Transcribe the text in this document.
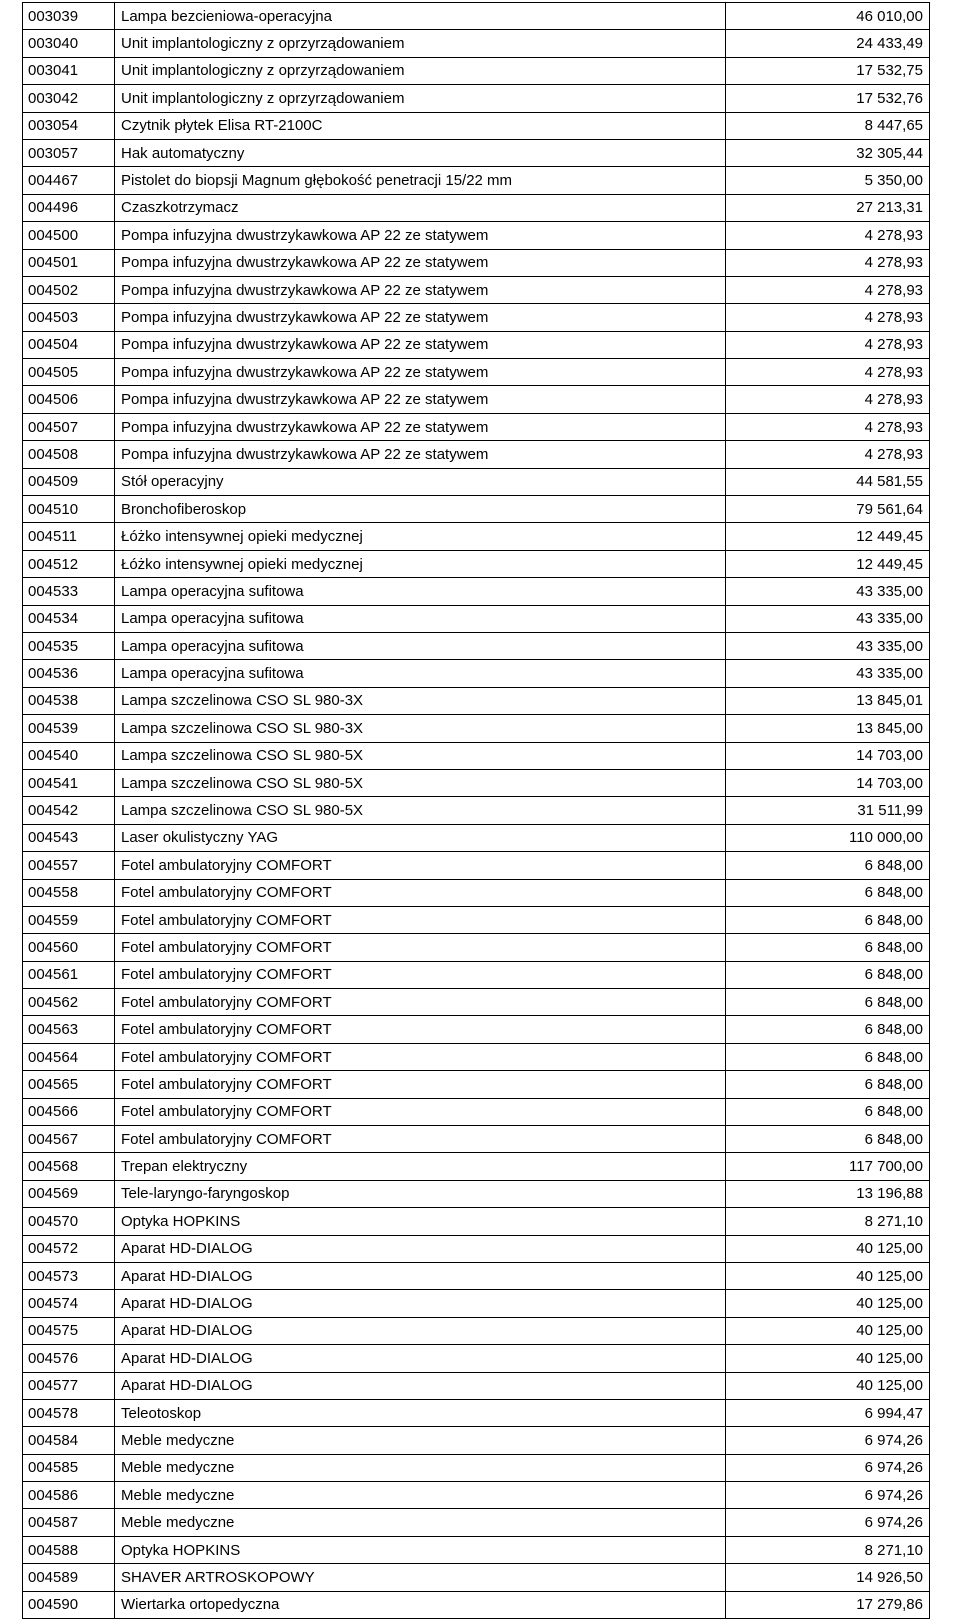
003039	Lampa bezcieniowa-operacyjna	46 010,00
003040	Unit implantologiczny z oprzyrządowaniem	24 433,49
003041	Unit implantologiczny z oprzyrządowaniem	17 532,75
003042	Unit implantologiczny z oprzyrządowaniem	17 532,76
003054	Czytnik płytek Elisa RT-2100C	8 447,65
003057	Hak automatyczny	32 305,44
004467	Pistolet do biopsji Magnum głębokość penetracji 15/22 mm	5 350,00
004496	Czaszkotrzymacz	27 213,31
004500	Pompa infuzyjna dwustrzykawkowa AP 22 ze statywem	4 278,93
004501	Pompa infuzyjna dwustrzykawkowa AP 22 ze statywem	4 278,93
004502	Pompa infuzyjna dwustrzykawkowa AP 22 ze statywem	4 278,93
004503	Pompa infuzyjna dwustrzykawkowa AP 22 ze statywem	4 278,93
004504	Pompa infuzyjna dwustrzykawkowa AP 22 ze statywem	4 278,93
004505	Pompa infuzyjna dwustrzykawkowa AP 22 ze statywem	4 278,93
004506	Pompa infuzyjna dwustrzykawkowa AP 22 ze statywem	4 278,93
004507	Pompa infuzyjna dwustrzykawkowa AP 22 ze statywem	4 278,93
004508	Pompa infuzyjna dwustrzykawkowa AP 22 ze statywem	4 278,93
004509	Stół operacyjny	44 581,55
004510	Bronchofiberoskop	79 561,64
004511	Łóżko intensywnej opieki medycznej	12 449,45
004512	Łóżko intensywnej opieki medycznej	12 449,45
004533	Lampa operacyjna sufitowa	43 335,00
004534	Lampa operacyjna sufitowa	43 335,00
004535	Lampa operacyjna sufitowa	43 335,00
004536	Lampa operacyjna sufitowa	43 335,00
004538	Lampa szczelinowa CSO SL 980-3X	13 845,01
004539	Lampa szczelinowa CSO SL 980-3X	13 845,00
004540	Lampa szczelinowa CSO SL 980-5X	14 703,00
004541	Lampa szczelinowa CSO SL 980-5X	14 703,00
004542	Lampa szczelinowa CSO SL 980-5X	31 511,99
004543	Laser okulistyczny YAG	110 000,00
004557	Fotel ambulatoryjny COMFORT	6 848,00
004558	Fotel ambulatoryjny COMFORT	6 848,00
004559	Fotel ambulatoryjny COMFORT	6 848,00
004560	Fotel ambulatoryjny COMFORT	6 848,00
004561	Fotel ambulatoryjny COMFORT	6 848,00
004562	Fotel ambulatoryjny COMFORT	6 848,00
004563	Fotel ambulatoryjny COMFORT	6 848,00
004564	Fotel ambulatoryjny COMFORT	6 848,00
004565	Fotel ambulatoryjny COMFORT	6 848,00
004566	Fotel ambulatoryjny COMFORT	6 848,00
004567	Fotel ambulatoryjny COMFORT	6 848,00
004568	Trepan elektryczny	117 700,00
004569	Tele-laryngo-faryngoskop	13 196,88
004570	Optyka HOPKINS	8 271,10
004572	Aparat HD-DIALOG	40 125,00
004573	Aparat HD-DIALOG	40 125,00
004574	Aparat HD-DIALOG	40 125,00
004575	Aparat HD-DIALOG	40 125,00
004576	Aparat HD-DIALOG	40 125,00
004577	Aparat HD-DIALOG	40 125,00
004578	Teleotoskop	6 994,47
004584	Meble medyczne	6 974,26
004585	Meble medyczne	6 974,26
004586	Meble medyczne	6 974,26
004587	Meble medyczne	6 974,26
004588	Optyka HOPKINS	8 271,10
004589	SHAVER ARTROSKOPOWY	14 926,50
004590	Wiertarka ortopedyczna	17 279,86
